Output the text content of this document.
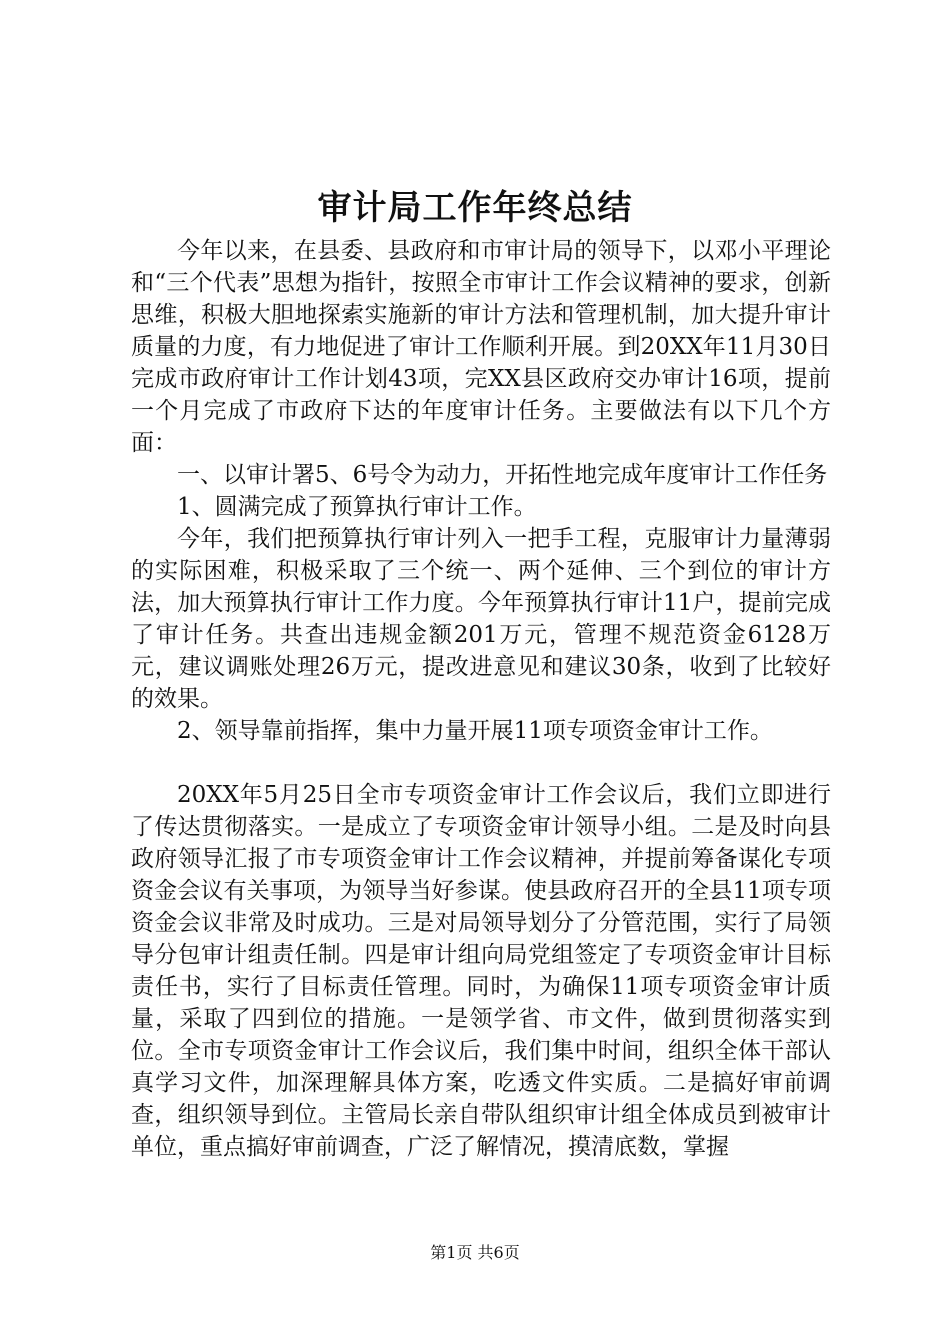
审计局工作年终总结

今年以来，在县委、县政府和市审计局的领导下，以邓小平理论和“三个代表”思想为指针，按照全市审计工作会议精神的要求，创新思维，积极大胆地探索实施新的审计方法和管理机制，加大提升审计质量的力度，有力地促进了审计工作顺利开展。到20XX年11月30日完成市政府审计工作计划43项，完XX县区政府交办审计16项，提前一个月完成了市政府下达的年度审计任务。主要做法有以下几个方面：

一、以审计署5、6号令为动力，开拓性地完成年度审计工作任务

1、圆满完成了预算执行审计工作。

今年，我们把预算执行审计列入一把手工程，克服审计力量薄弱的实际困难，积极采取了三个统一、两个延伸、三个到位的审计方法，加大预算执行审计工作力度。今年预算执行审计11户，提前完成了审计任务。共查出违规金额201万元，管理不规范资金6128万元，建议调账处理26万元，提改进意见和建议30条，收到了比较好的效果。

2、领导靠前指挥，集中力量开展11项专项资金审计工作。

20XX年5月25日全市专项资金审计工作会议后，我们立即进行了传达贯彻落实。一是成立了专项资金审计领导小组。二是及时向县政府领导汇报了市专项资金审计工作会议精神，并提前筹备谋化专项资金会议有关事项，为领导当好参谋。使县政府召开的全县11项专项资金会议非常及时成功。三是对局领导划分了分管范围，实行了局领导分包审计组责任制。四是审计组向局党组签定了专项资金审计目标责任书，实行了目标责任管理。同时，为确保11项专项资金审计质量，采取了四到位的措施。一是领学省、市文件，做到贯彻落实到位。全市专项资金审计工作会议后，我们集中时间，组织全体干部认真学习文件，加深理解具体方案，吃透文件实质。二是搞好审前调查，组织领导到位。主管局长亲自带队组织审计组全体成员到被审计单位，重点搞好审前调查，广泛了解情况，摸清底数，掌握

第1页 共6页
